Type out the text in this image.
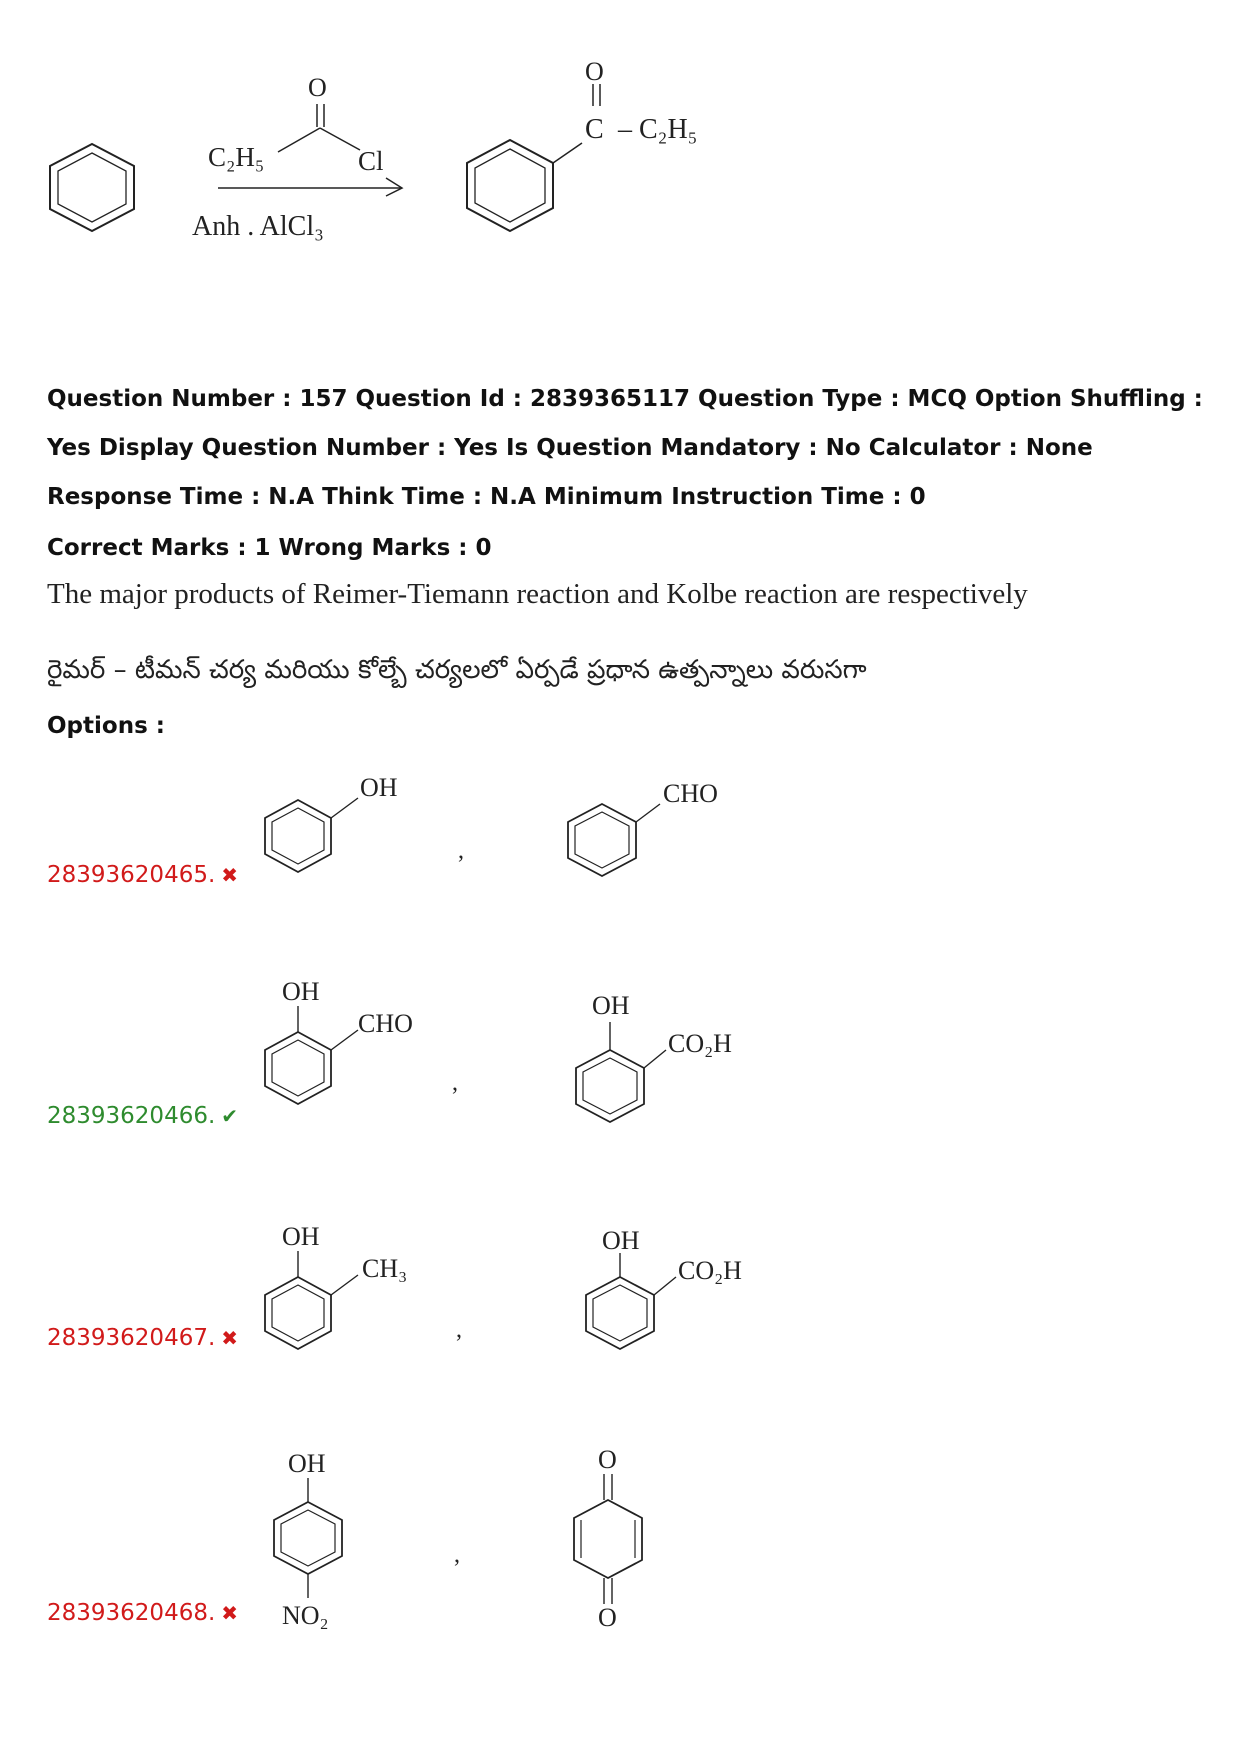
O
C₂H₅	Cl
Anh . AlCl₃
O
C – C₂H₅
Question Number : 157 Question Id : 2839365117 Question Type : MCQ Option Shuffling : Yes Display Question Number : Yes Is Question Mandatory : No Calculator : None Response Time : N.A Think Time : N.A Minimum Instruction Time : 0
Correct Marks : 1 Wrong Marks : 0
The major products of Reimer-Tiemann reaction and Kolbe reaction are respectively
రైమర్ – టీమన్ చర్య మరియు కోల్బే చర్యలలో ఏర్పడే ప్రధాన ఉత్పన్నాలు వరుసగా
Options :
28393620465. ✖
OH
,
CHO
28393620466. ✔
OH
CHO
,
OH
CO₂H
28393620467. ✖
OH
CH₃
,
OH
CO₂H
28393620468. ✖
OH
NO₂
,
O
O
